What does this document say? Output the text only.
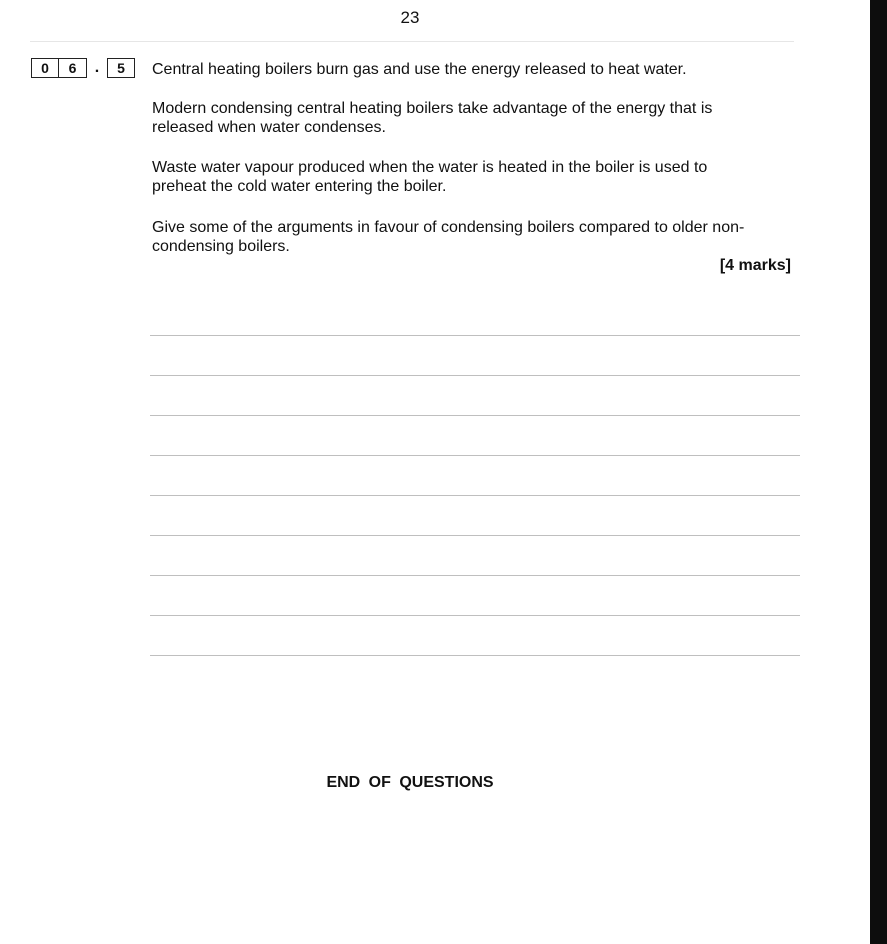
23
0	6	.	5	Central heating boilers burn gas and use the energy released to heat water.

Modern condensing central heating boilers take advantage of the energy that is released when water condenses.

Waste water vapour produced when the water is heated in the boiler is used to preheat the cold water entering the boiler.

Give some of the arguments in favour of condensing boilers compared to older non-condensing boilers.

[4 marks]
END OF QUESTIONS
